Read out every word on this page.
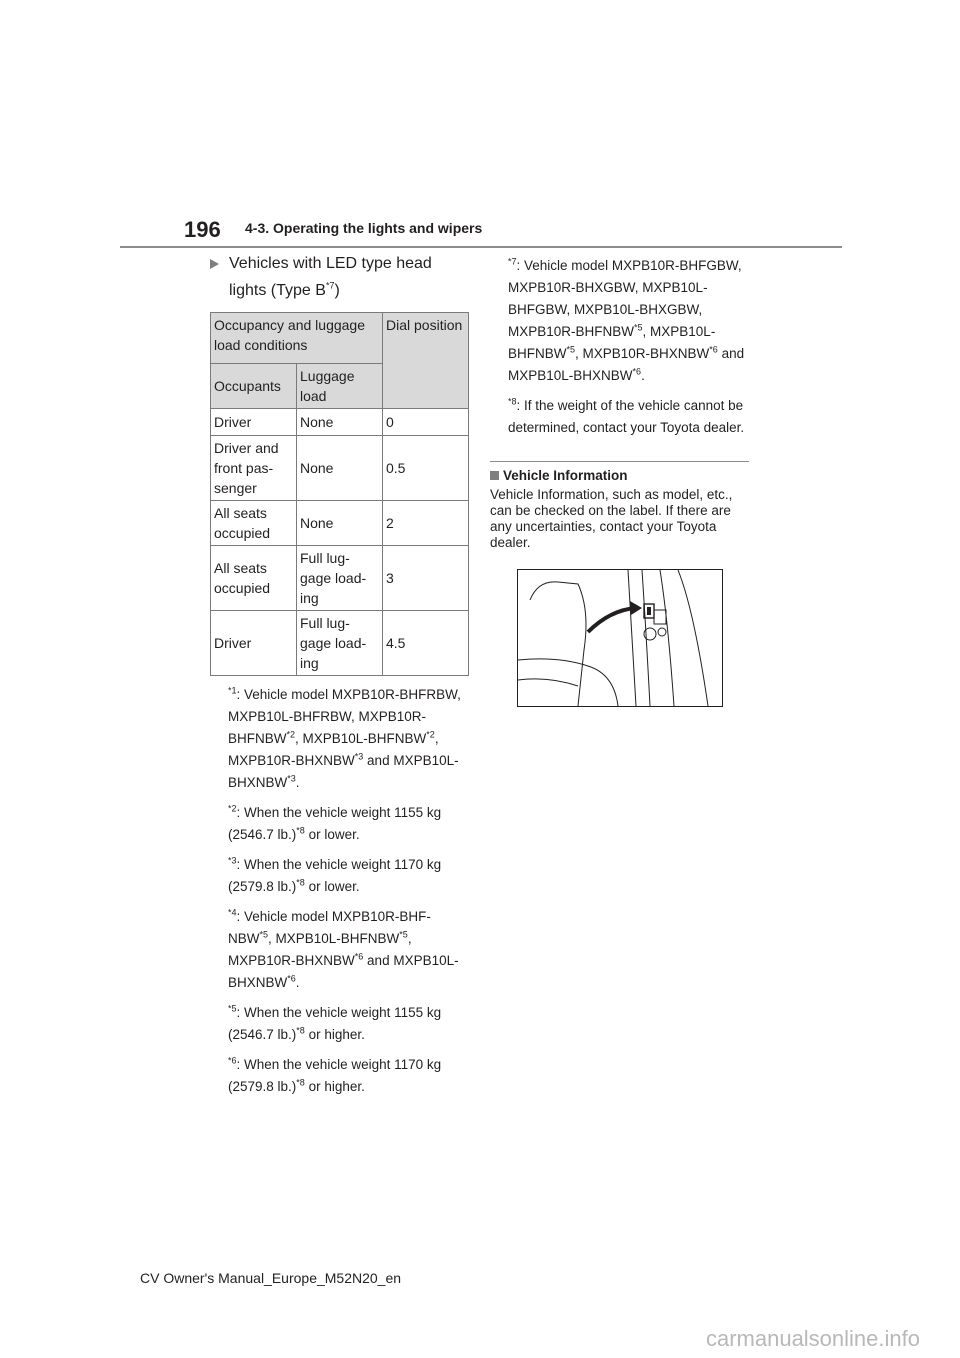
196 4-3. Operating the lights and wipers
Vehicles with LED type head lights (Type $B^{*7}$)
Occupancy and luggage load conditions		Dial position
Occupants	Luggage load	
Driver	None	0
Driver and front pas-senger	None	0.5
All seats occupied	None	2
All seats occupied	Full lug-gage load-ing	3
Driver	Full lug-gage load-ing	4.5

$^{*1}$: Vehicle model MXPB10R-BHFRBW, MXPB10L-BHFRBW, MXPB10R-BHFNBW$^{*2}$, MXPB10L-BHFNBW$^{*2}$, MXPB10R-BHXNBW$^{*3}$ and MXPB10L-BHXNBW$^{*3}$.

$^{*2}$: When the vehicle weight 1155 kg (2546.7 lb.)$^{*8}$ or lower.

$^{*3}$: When the vehicle weight 1170 kg (2579.8 lb.)$^{*8}$ or lower.

$^{*4}$: Vehicle model MXPB10R-BHF-NBW$^{*5}$, MXPB10L-BHFNBW$^{*5}$, MXPB10R-BHXNBW$^{*6}$ and MXPB10L-BHXNBW$^{*6}$.

$^{*5}$: When the vehicle weight 1155 kg (2546.7 lb.)$^{*8}$ or higher.

$^{*6}$: When the vehicle weight 1170 kg (2579.8 lb.)$^{*8}$ or higher.

$^{*7}$: Vehicle model MXPB10R-BHFGBW, MXPB10R-BHXGBW, MXPB10L-BHFGBW, MXPB10L-BHXGBW, MXPB10R-BHFNBW$^{*5}$, MXPB10L-BHFNBW$^{*5}$, MXPB10R-BHXNBW$^{*6}$ and MXPB10L-BHXNBW$^{*6}$.

$^{*8}$: If the weight of the vehicle cannot be determined, contact your Toyota dealer.

Vehicle Information

Vehicle Information, such as model, etc., can be checked on the label. If there are any uncertainties, contact your Toyota dealer.

CV Owner's Manual_Europe_M52N20_en
carmanualsonline.info
